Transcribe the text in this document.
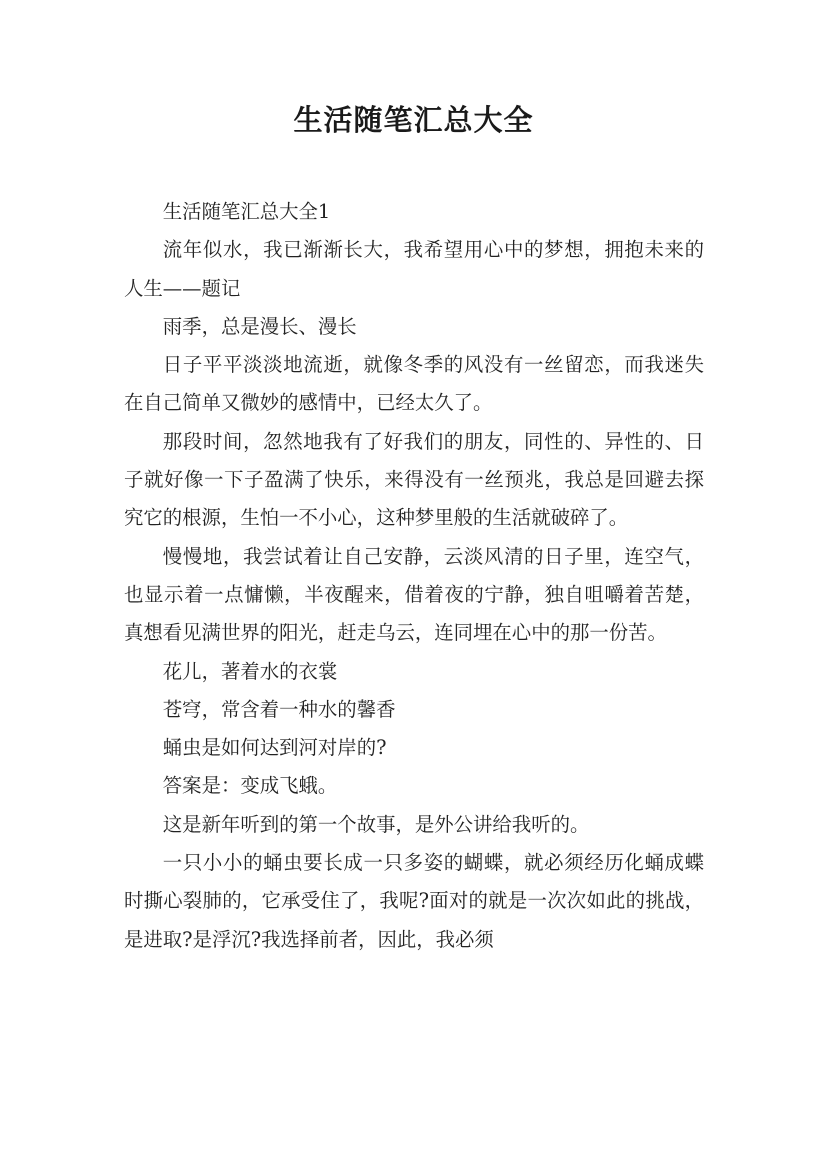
生活随笔汇总大全

生活随笔汇总大全1

流年似水，我已渐渐长大，我希望用心中的梦想，拥抱未来的人生——题记

雨季，总是漫长、漫长

日子平平淡淡地流逝，就像冬季的风没有一丝留恋，而我迷失在自己简单又微妙的感情中，已经太久了。

那段时间，忽然地我有了好我们的朋友，同性的、异性的、日子就好像一下子盈满了快乐，来得没有一丝预兆，我总是回避去探究它的根源，生怕一不小心，这种梦里般的生活就破碎了。

慢慢地，我尝试着让自己安静，云淡风清的日子里，连空气，也显示着一点慵懒，半夜醒来，借着夜的宁静，独自咀嚼着苦楚，真想看见满世界的阳光，赶走乌云，连同埋在心中的那一份苦。

花儿，著着水的衣裳

苍穹，常含着一种水的馨香

蛹虫是如何达到河对岸的?

答案是：变成飞蛾。

这是新年听到的第一个故事，是外公讲给我听的。

一只小小的蛹虫要长成一只多姿的蝴蝶，就必须经历化蛹成蝶时撕心裂肺的，它承受住了，我呢?面对的就是一次次如此的挑战，是进取?是浮沉?我选择前者，因此，我必须
